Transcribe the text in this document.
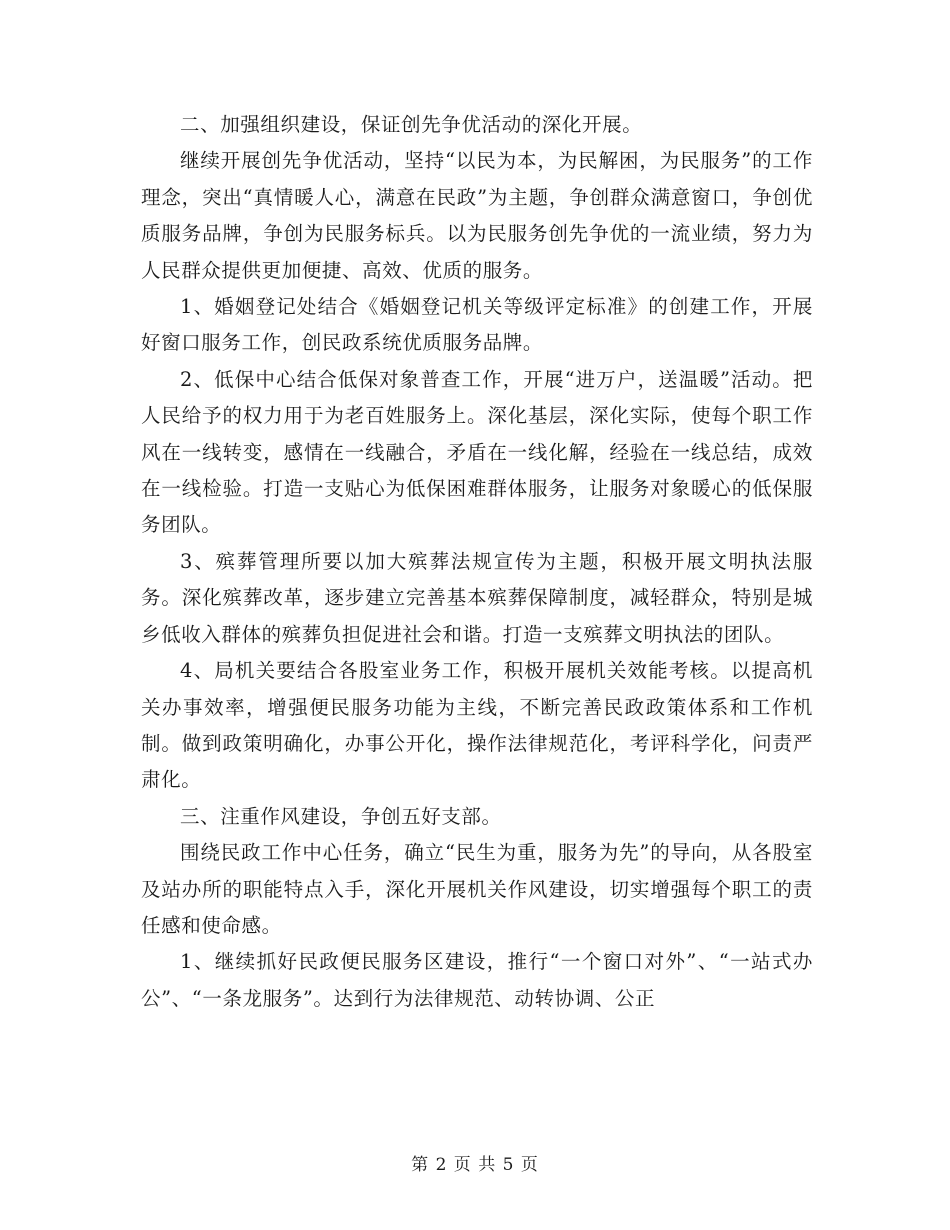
二、加强组织建设，保证创先争优活动的深化开展。

继续开展创先争优活动，坚持“以民为本，为民解困，为民服务”的工作理念，突出“真情暖人心，满意在民政”为主题，争创群众满意窗口，争创优质服务品牌，争创为民服务标兵。以为民服务创先争优的一流业绩，努力为人民群众提供更加便捷、高效、优质的服务。

1、婚姻登记处结合《婚姻登记机关等级评定标准》的创建工作，开展好窗口服务工作，创民政系统优质服务品牌。

2、低保中心结合低保对象普查工作，开展“进万户，送温暖”活动。把人民给予的权力用于为老百姓服务上。深化基层，深化实际，使每个职工作风在一线转变，感情在一线融合，矛盾在一线化解，经验在一线总结，成效在一线检验。打造一支贴心为低保困难群体服务，让服务对象暖心的低保服务团队。

3、殡葬管理所要以加大殡葬法规宣传为主题，积极开展文明执法服务。深化殡葬改革，逐步建立完善基本殡葬保障制度，减轻群众，特别是城乡低收入群体的殡葬负担促进社会和谐。打造一支殡葬文明执法的团队。

4、局机关要结合各股室业务工作，积极开展机关效能考核。以提高机关办事效率，增强便民服务功能为主线，不断完善民政政策体系和工作机制。做到政策明确化，办事公开化，操作法律规范化，考评科学化，问责严肃化。

三、注重作风建设，争创五好支部。

围绕民政工作中心任务，确立“民生为重，服务为先”的导向，从各股室及站办所的职能特点入手，深化开展机关作风建设，切实增强每个职工的责任感和使命感。

1、继续抓好民政便民服务区建设，推行“一个窗口对外”、“一站式办公”、“一条龙服务”。达到行为法律规范、动转协调、公正

第 2 页 共 5 页
